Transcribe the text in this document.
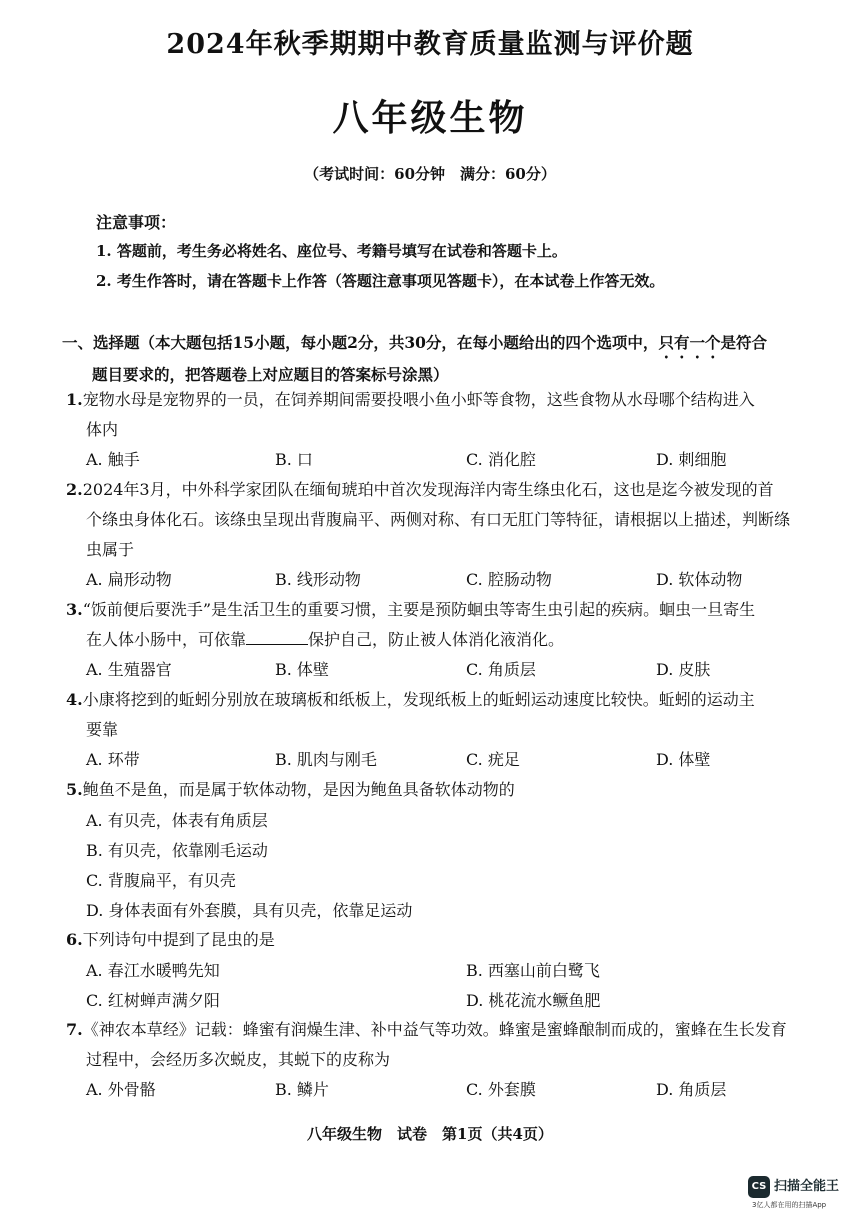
2024年秋季期期中教育质量监测与评价题
八年级生物
（考试时间：60分钟　满分：60分）
注意事项：
1. 答题前，考生务必将姓名、座位号、考籍号填写在试卷和答题卡上。
2. 考生作答时，请在答题卡上作答（答题注意事项见答题卡），在本试卷上作答无效。
一、选择题（本大题包括15小题，每小题2分，共30分，在每小题给出的四个选项中，只有一个是符合
题目要求的，把答题卷上对应题目的答案标号涂黑）
1.宠物水母是宠物界的一员，在饲养期间需要投喂小鱼小虾等食物，这些食物从水母哪个结构进入
体内
A. 触手	B. 口	C. 消化腔	D. 刺细胞
2.2024年3月，中外科学家团队在缅甸琥珀中首次发现海洋内寄生绦虫化石，这也是迄今被发现的首
个绦虫身体化石。该绦虫呈现出背腹扁平、两侧对称、有口无肛门等特征，请根据以上描述，判断绦
虫属于
A. 扁形动物	B. 线形动物	C. 腔肠动物	D. 软体动物
3.“饭前便后要洗手”是生活卫生的重要习惯，主要是预防蛔虫等寄生虫引起的疾病。蛔虫一旦寄生
在人体小肠中，可依靠	保护自己，防止被人体消化液消化。
A. 生殖器官	B. 体壁	C. 角质层	D. 皮肤
4.小康将挖到的蚯蚓分别放在玻璃板和纸板上，发现纸板上的蚯蚓运动速度比较快。蚯蚓的运动主
要靠
A. 环带	B. 肌肉与刚毛	C. 疣足	D. 体壁
5.鲍鱼不是鱼，而是属于软体动物，是因为鲍鱼具备软体动物的
A. 有贝壳，体表有角质层
B. 有贝壳，依靠刚毛运动
C. 背腹扁平，有贝壳
D. 身体表面有外套膜，具有贝壳，依靠足运动
6.下列诗句中提到了昆虫的是
A. 春江水暖鸭先知	B. 西塞山前白鹭飞
C. 红树蝉声满夕阳	D. 桃花流水鳜鱼肥
7.《神农本草经》记载：蜂蜜有润燥生津、补中益气等功效。蜂蜜是蜜蜂酿制而成的，蜜蜂在生长发育
过程中，会经历多次蜕皮，其蜕下的皮称为
A. 外骨骼	B. 鳞片	C. 外套膜	D. 角质层
八年级生物　试卷　第1页（共4页）
CS 扫描全能王
3亿人都在用的扫描App
